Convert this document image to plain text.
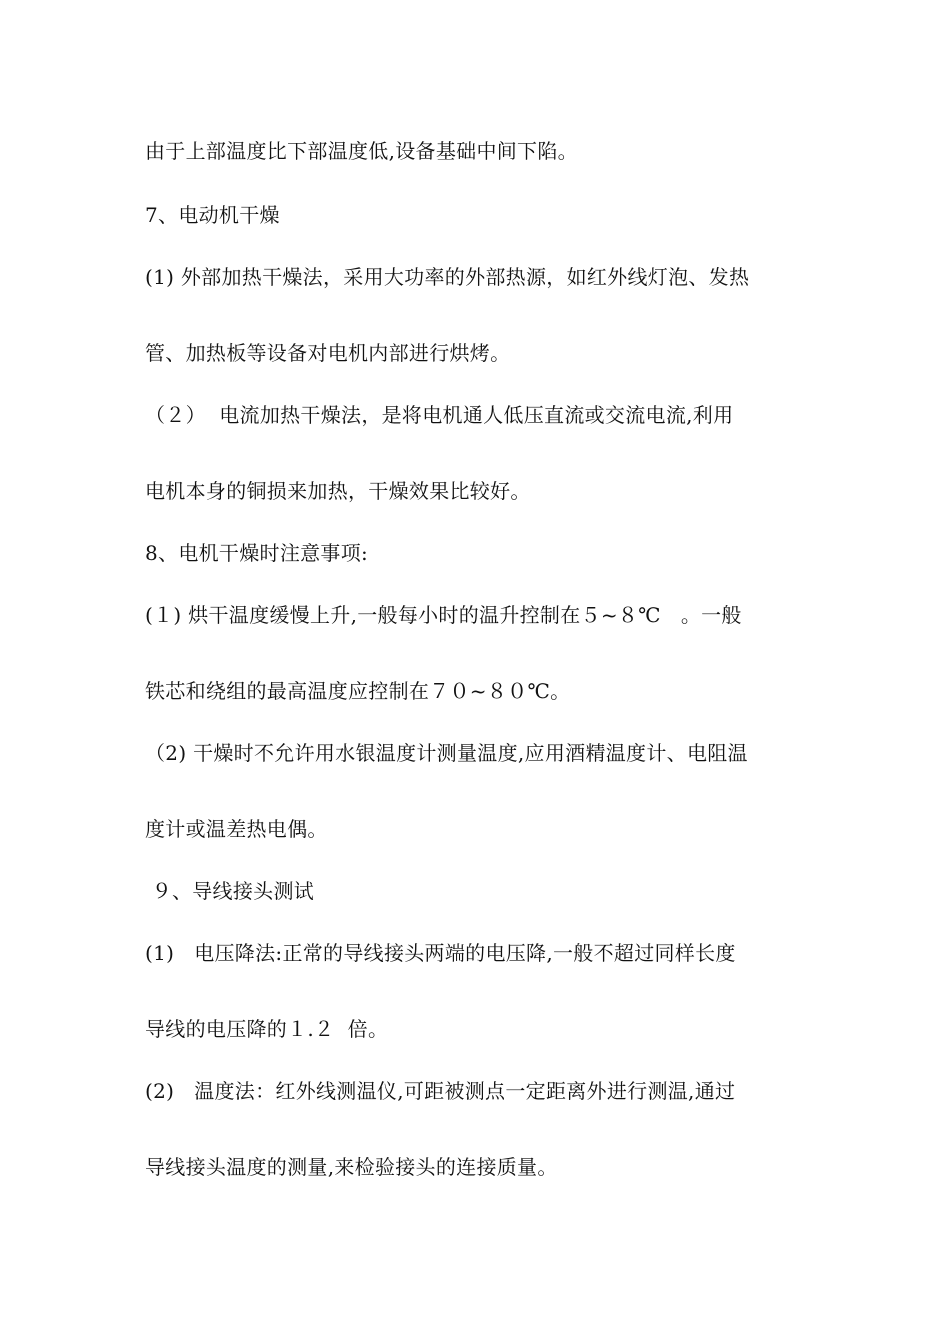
由于上部温度比下部温度低,设备基础中间下陷。
7、电动机干燥
(1) 外部加热干燥法，采用大功率的外部热源，如红外线灯泡、发热
管、加热板等设备对电机内部进行烘烤。
（２）  电流加热干燥法，是将电机通人低压直流或交流电流,利用
电机本身的铜损来加热，干燥效果比较好。
8、电机干燥时注意事项:
(１) 烘干温度缓慢上升,一般每小时的温升控制在５~８℃   。一般
铁芯和绕组的最高温度应控制在７０~８０℃。
（2) 干燥时不允许用水银温度计测量温度,应用酒精温度计、电阻温
度计或温差热电偶。
９、导线接头测试
(1)   电压降法:正常的导线接头两端的电压降,一般不超过同样长度
导线的电压降的１.２  倍。
(2)   温度法：红外线测温仪,可距被测点一定距离外进行测温,通过
导线接头温度的测量,来检验接头的连接质量。
